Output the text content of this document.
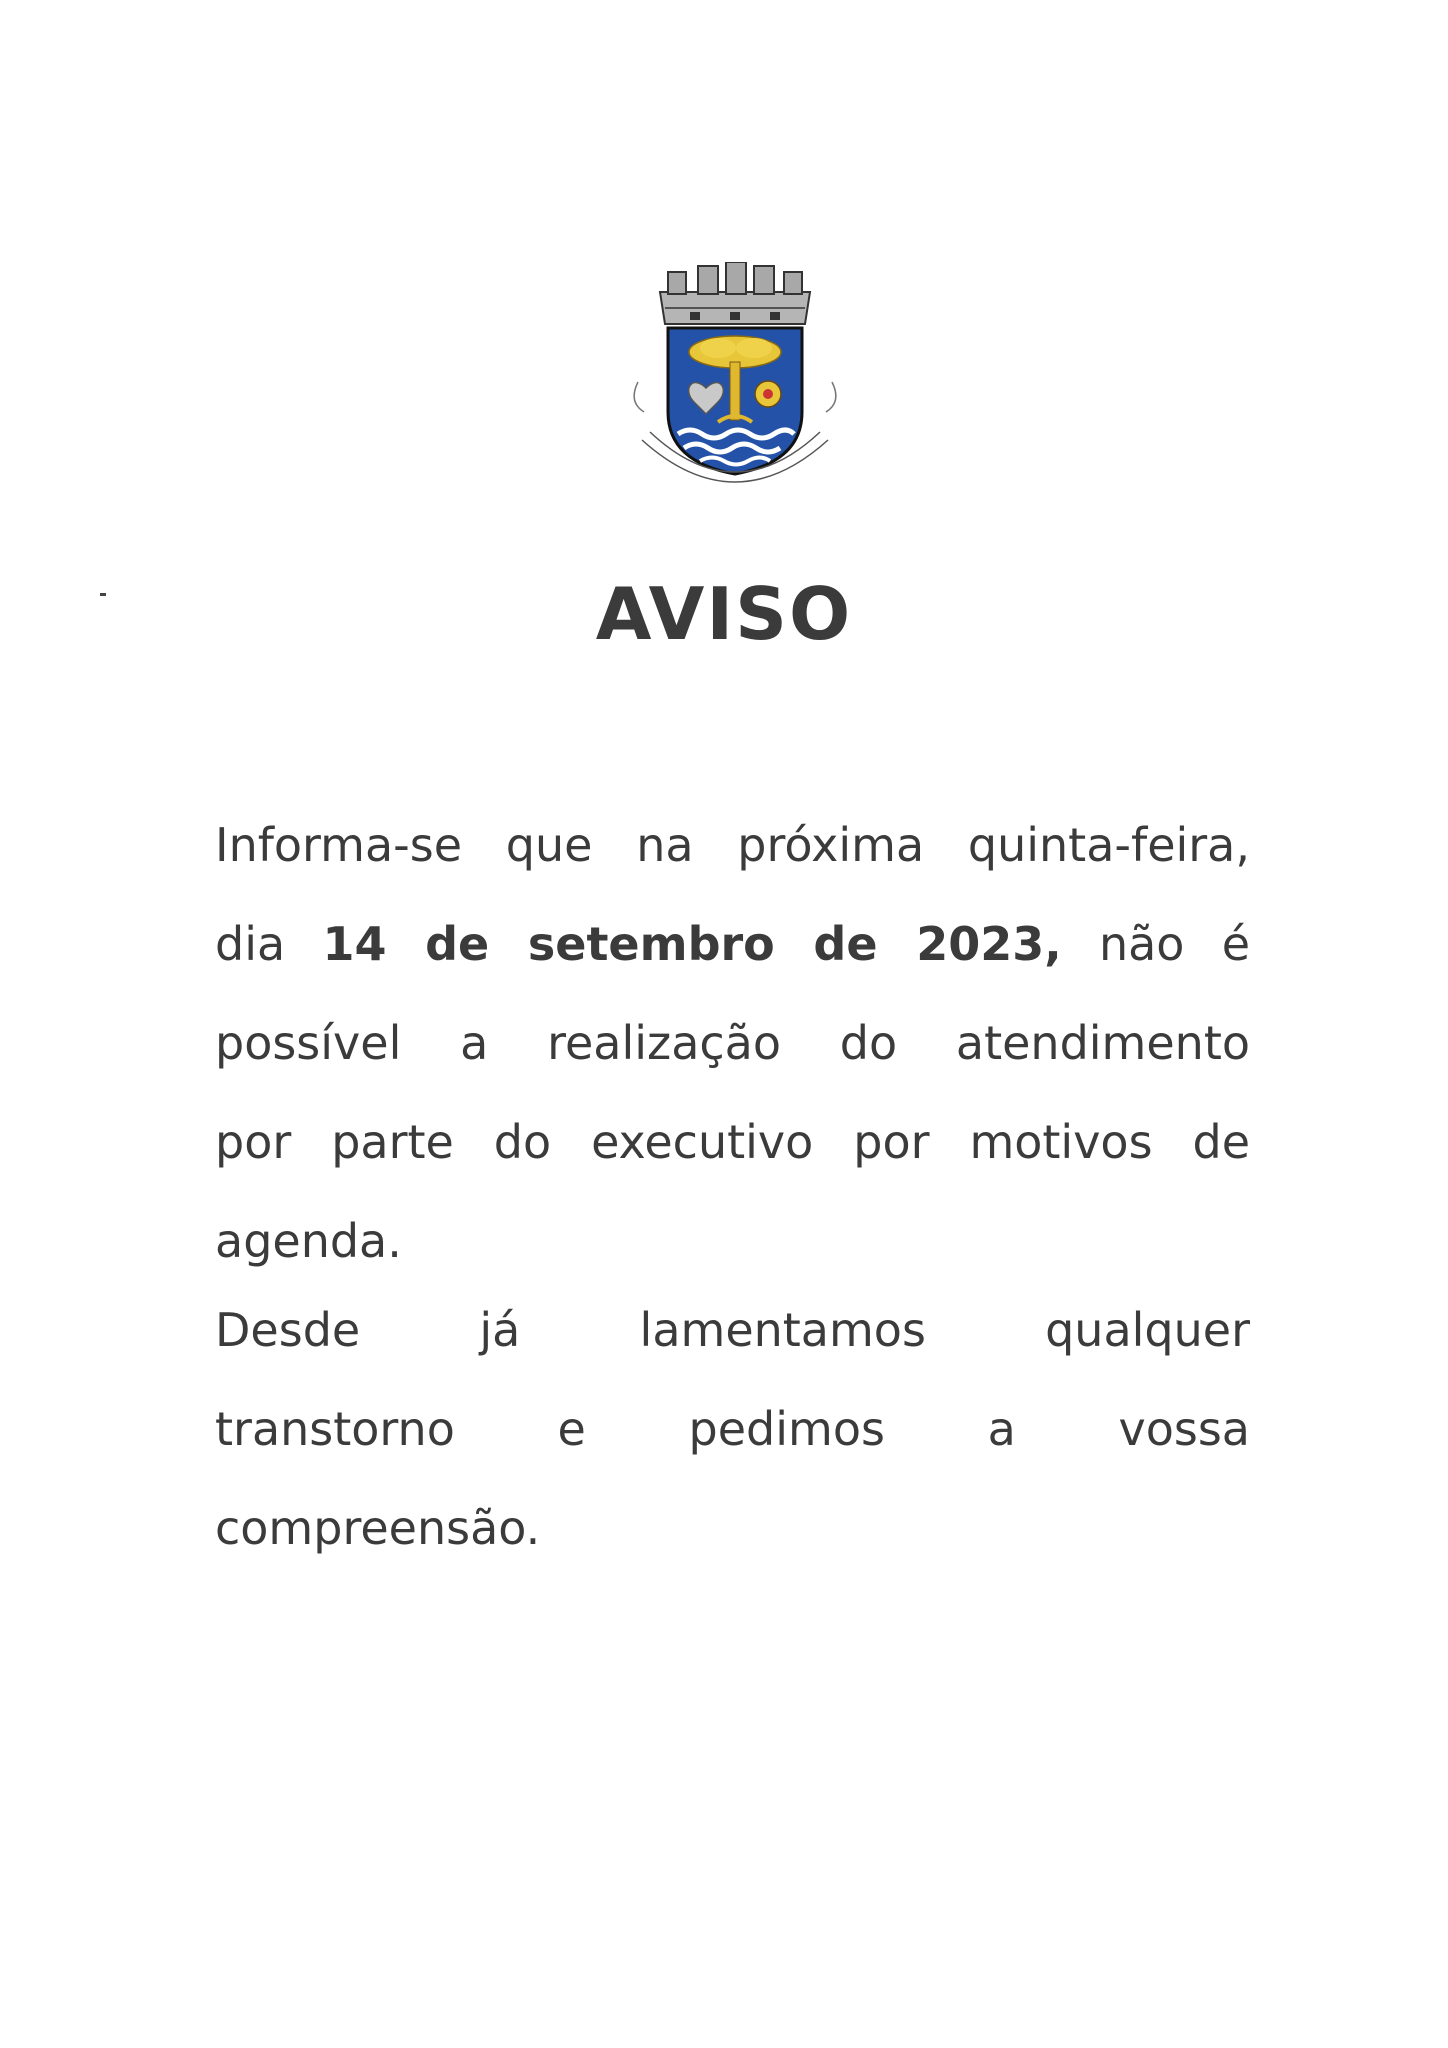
AVISO

Informa-se que na próxima quinta-feira,
dia 14 de setembro de 2023, não é
possível a realização do atendimento
por parte do executivo por motivos de
agenda.

Desde já lamentamos qualquer
transtorno e pedimos a vossa
compreensão.
